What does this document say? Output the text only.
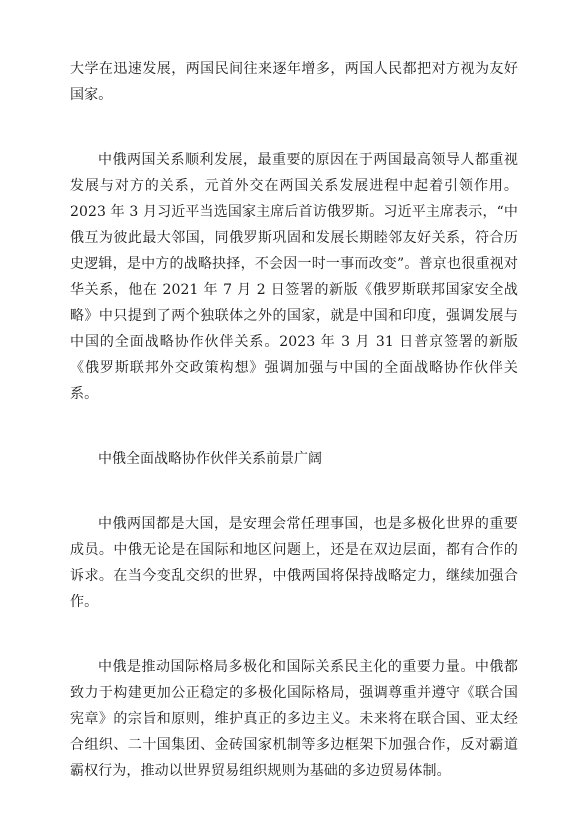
大学在迅速发展，两国民间往来逐年增多，两国人民都把对方视为友好国家。

中俄两国关系顺利发展，最重要的原因在于两国最高领导人都重视发展与对方的关系，元首外交在两国关系发展进程中起着引领作用。2023 年 3 月习近平当选国家主席后首访俄罗斯。习近平主席表示，“中俄互为彼此最大邻国，同俄罗斯巩固和发展长期睦邻友好关系，符合历史逻辑，是中方的战略抉择，不会因一时一事而改变”。普京也很重视对华关系，他在 2021 年 7 月 2 日签署的新版《俄罗斯联邦国家安全战略》中只提到了两个独联体之外的国家，就是中国和印度，强调发展与中国的全面战略协作伙伴关系。2023 年 3 月 31 日普京签署的新版《俄罗斯联邦外交政策构想》强调加强与中国的全面战略协作伙伴关系。

中俄全面战略协作伙伴关系前景广阔

中俄两国都是大国，是安理会常任理事国，也是多极化世界的重要成员。中俄无论是在国际和地区问题上，还是在双边层面，都有合作的诉求。在当今变乱交织的世界，中俄两国将保持战略定力，继续加强合作。

中俄是推动国际格局多极化和国际关系民主化的重要力量。中俄都致力于构建更加公正稳定的多极化国际格局，强调尊重并遵守《联合国宪章》的宗旨和原则，维护真正的多边主义。未来将在联合国、亚太经合组织、二十国集团、金砖国家机制等多边框架下加强合作，反对霸道霸权行为，推动以世界贸易组织规则为基础的多边贸易体制。
